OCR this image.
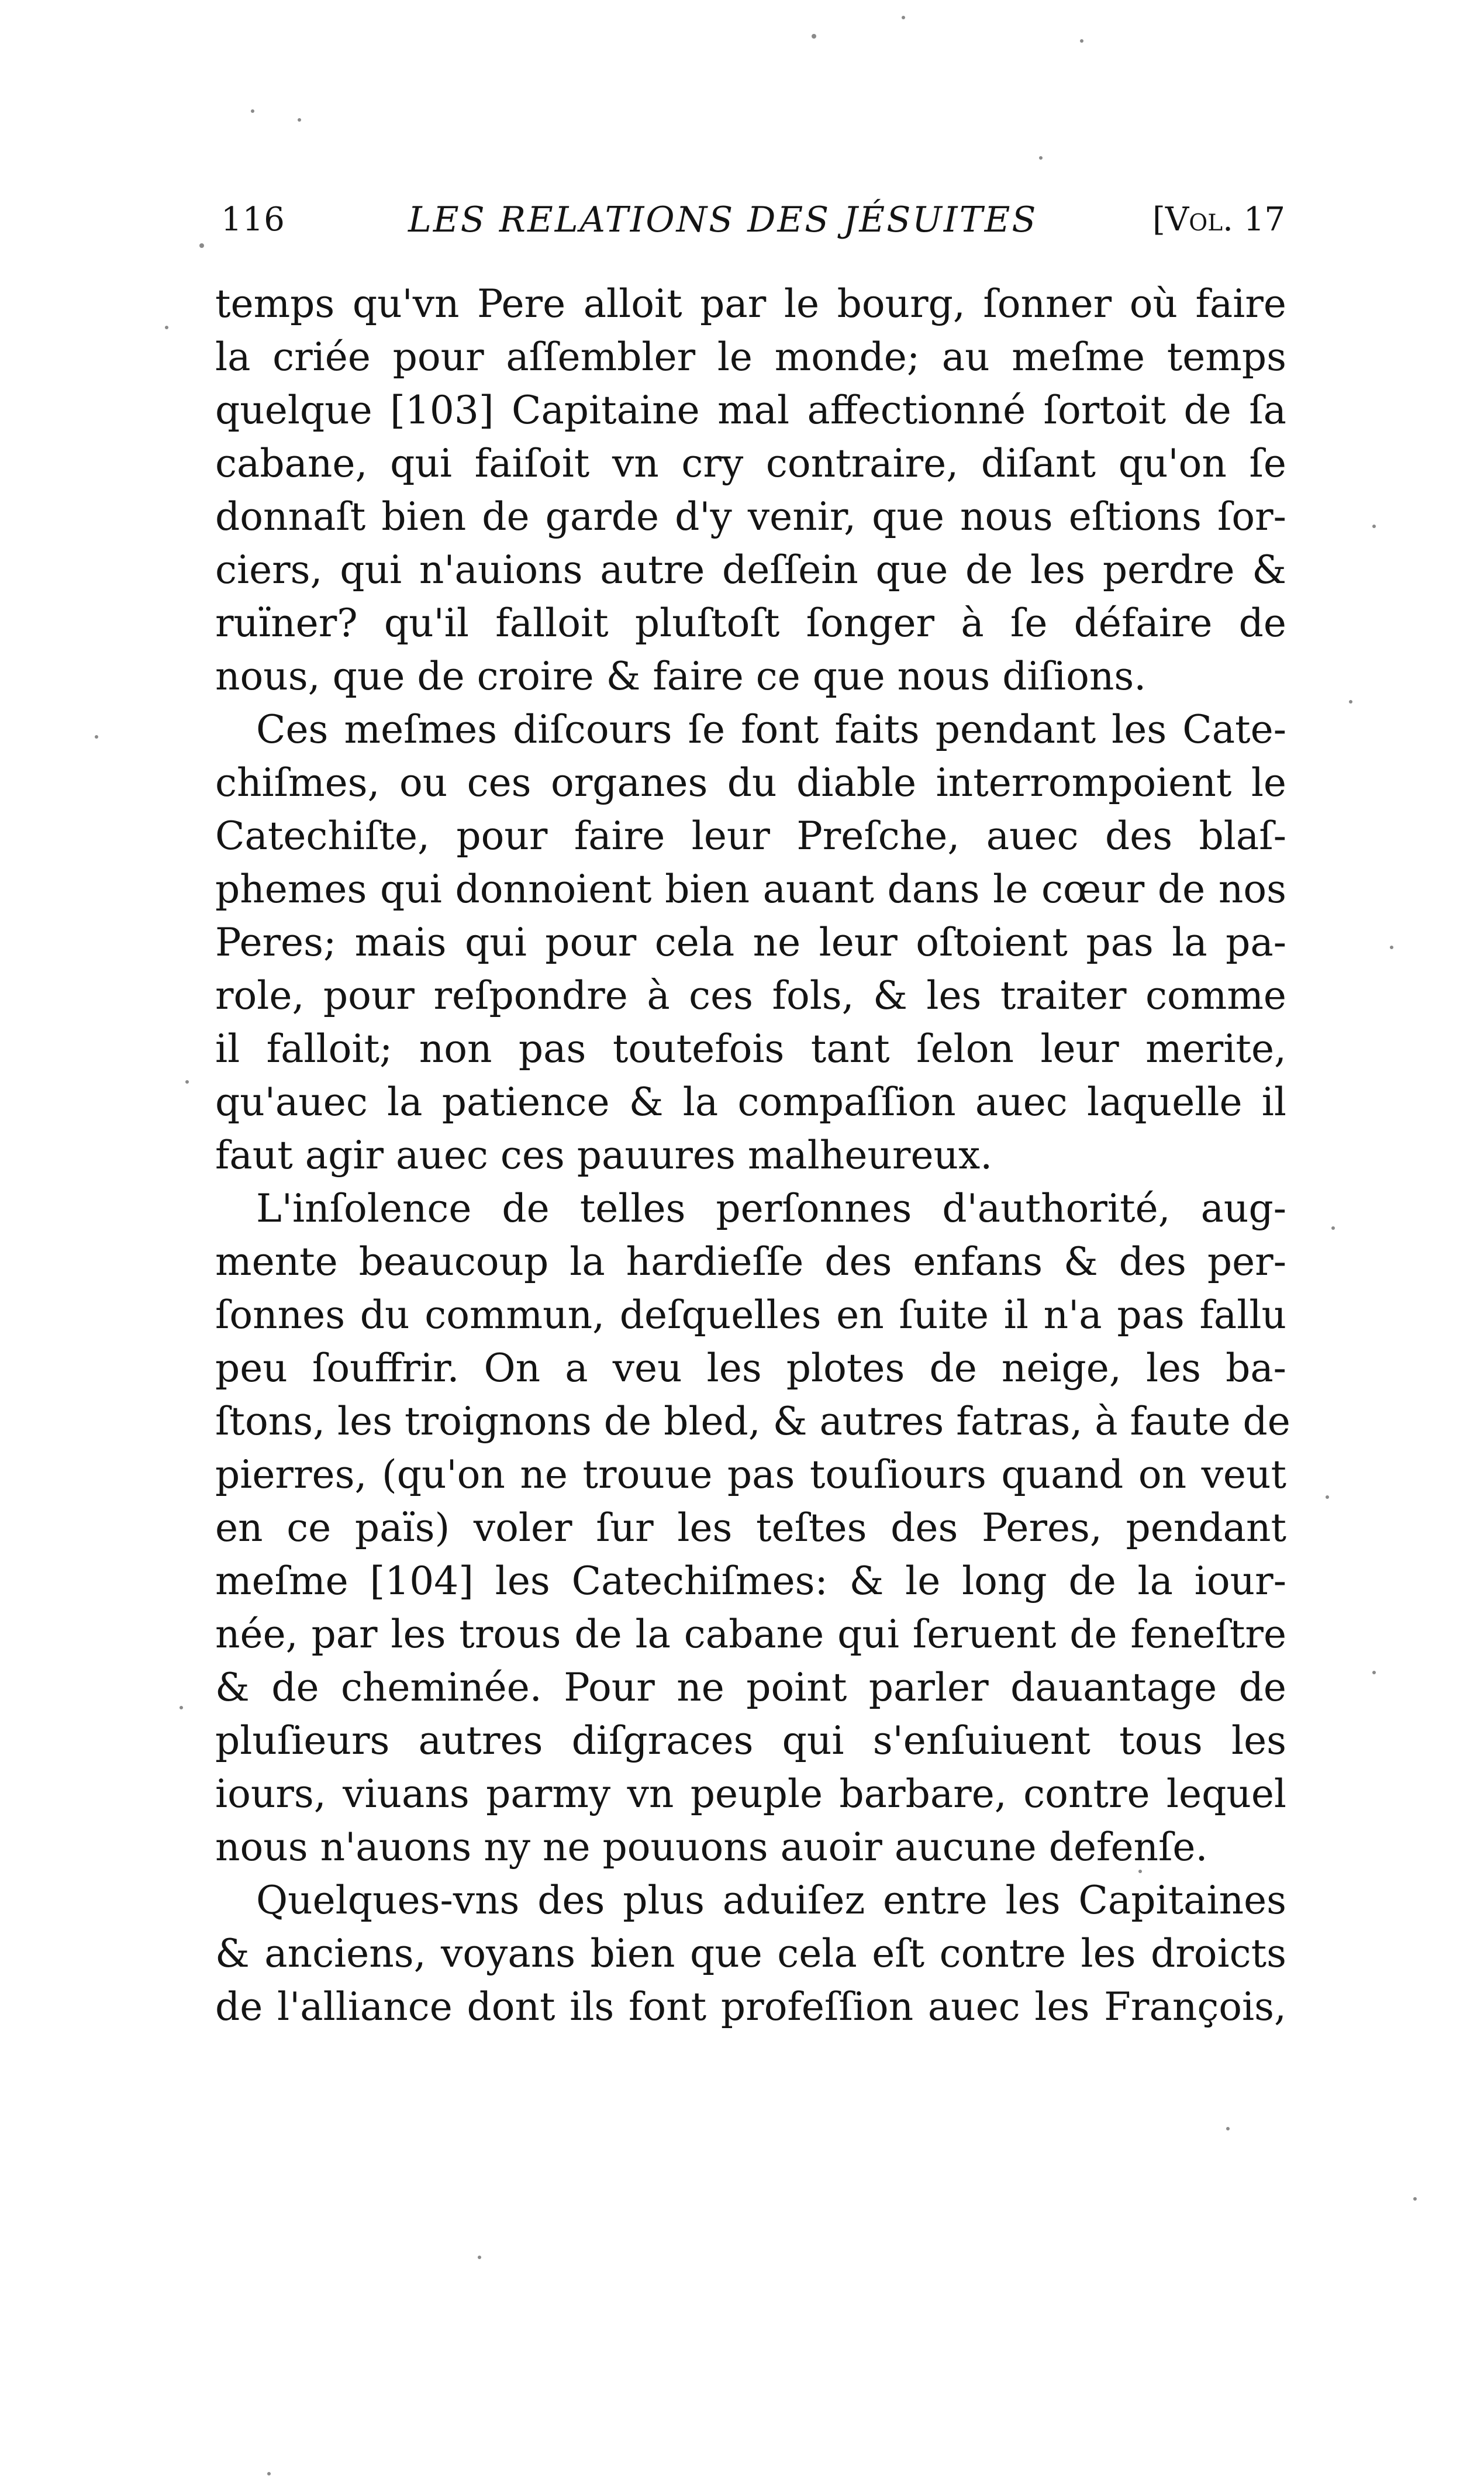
116	LES RELATIONS DES JÉSUITES	[Vol. 17

temps qu'vn Pere alloit par le bourg, ſonner où faire
la criée pour aſſembler le monde; au meſme temps
quelque [103] Capitaine mal affectionné ſortoit de ſa
cabane, qui faiſoit vn cry contraire, diſant qu'on ſe
donnaſt bien de garde d'y venir, que nous eſtions ſor-
ciers, qui n'auions autre deſſein que de les perdre &
ruïner? qu'il falloit pluſtoſt ſonger à ſe défaire de
nous, que de croire & faire ce que nous diſions.

Ces meſmes diſcours ſe font faits pendant les Cate-
chiſmes, ou ces organes du diable interrompoient le
Catechiſte, pour faire leur Preſche, auec des blaſ-
phemes qui donnoient bien auant dans le cœur de nos
Peres; mais qui pour cela ne leur oſtoient pas la pa-
role, pour reſpondre à ces fols, & les traiter comme
il falloit; non pas toutefois tant ſelon leur merite,
qu'auec la patience & la compaſſion auec laquelle il
faut agir auec ces pauures malheureux.

L'inſolence de telles perſonnes d'authorité, aug-
mente beaucoup la hardieſſe des enfans & des per-
ſonnes du commun, deſquelles en ſuite il n'a pas fallu
peu ſouffrir. On a veu les plotes de neige, les ba-
ſtons, les troignons de bled, & autres fatras, à faute de
pierres, (qu'on ne trouue pas touſiours quand on veut
en ce païs) voler ſur les teſtes des Peres, pendant
meſme [104] les Catechiſmes: & le long de la iour-
née, par les trous de la cabane qui ſeruent de feneſtre
& de cheminée. Pour ne point parler dauantage de
pluſieurs autres diſgraces qui s'enſuiuent tous les
iours, viuans parmy vn peuple barbare, contre lequel
nous n'auons ny ne pouuons auoir aucune defenſe.

Quelques-vns des plus aduiſez entre les Capitaines
& anciens, voyans bien que cela eſt contre les droicts
de l'alliance dont ils font profeſſion auec les François,
